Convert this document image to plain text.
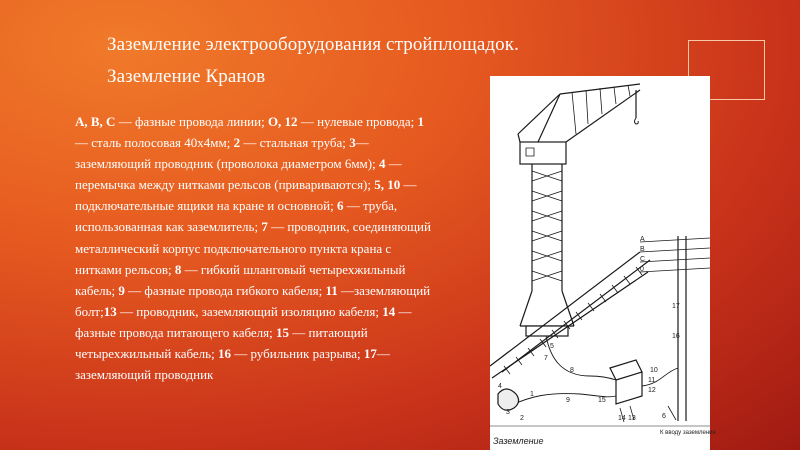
Заземление электрооборудования стройплощадок.
Заземление Кранов
А, В, С — фазные провода линии; О, 12 — нулевые провода; 1 — сталь полосовая 40х4мм; 2 — стальная труба; 3— заземляющий проводник (проволока диаметром 6мм); 4 — перемычка между нитками рельсов (привариваются); 5, 10 — подключательные ящики на кране и основной; 6 — труба, использованная как заземлитель; 7 — проводник, соединяющий металлический корпус подключательного пункта крана с нитками рельсов; 8 — гибкий шланговый четырехжильный кабель; 9 — фазные провода гибкого кабеля; 11 —заземляющий болт;13 — проводник, заземляющий изоляцию кабеля; 14 — фазные провода питающего кабеля; 15 — питающий четырехжильный кабель; 16 — рубильник разрыва; 17— заземляющий проводник
A
B
C
0
17
16
10
11
12
13
14
15
8
9
1
2
3
4
5
6
7
К вводу заземления
Заземление
